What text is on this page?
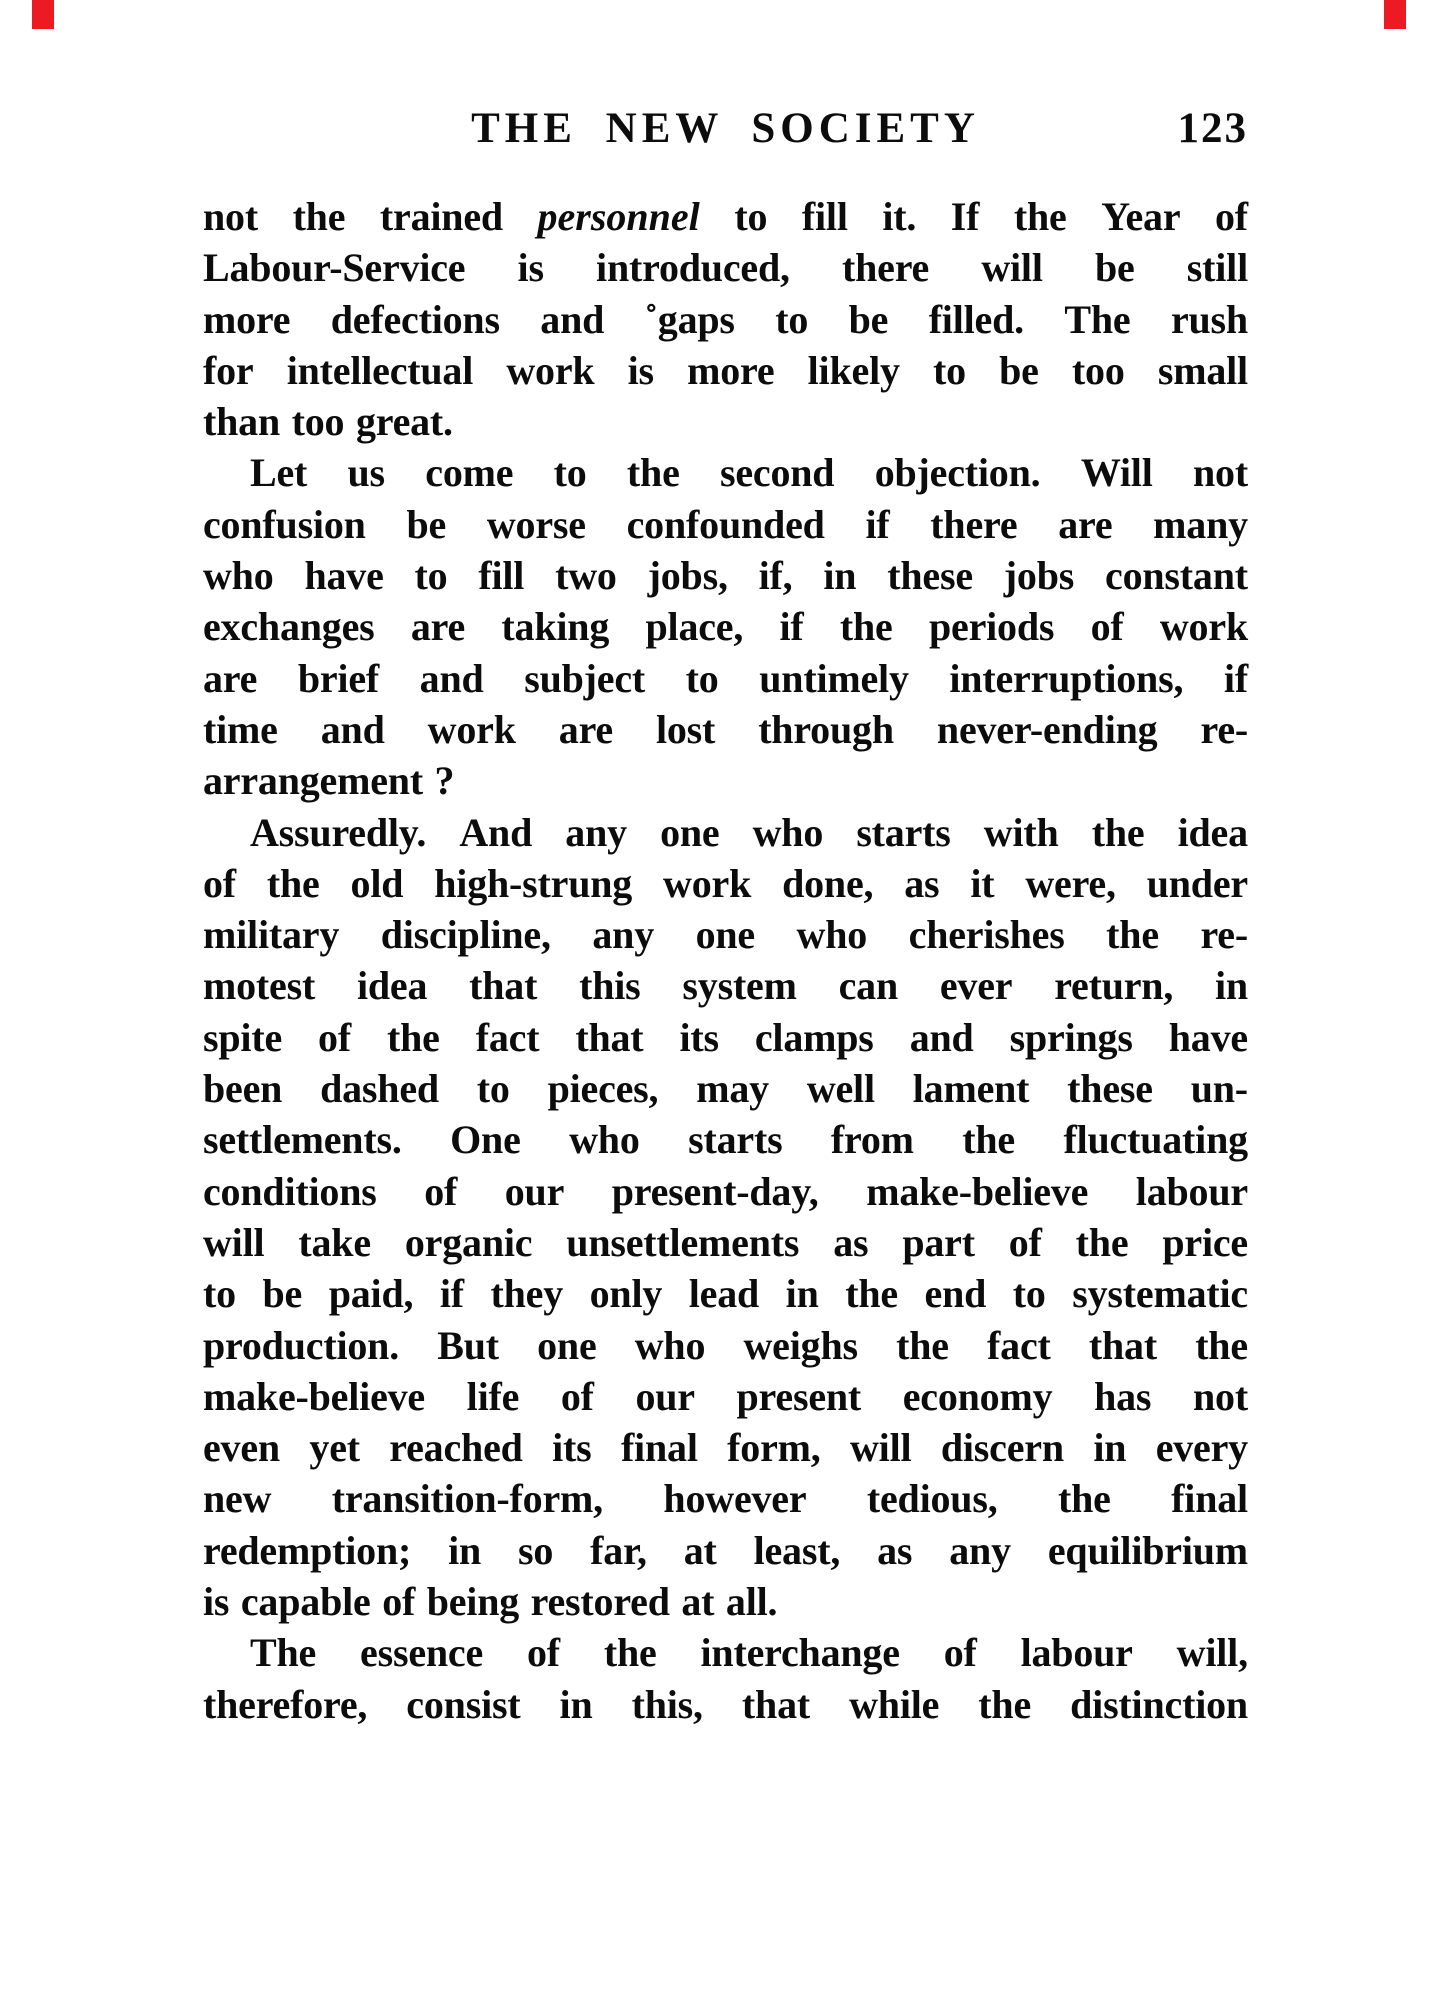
THE NEW SOCIETY	123
not the trained personnel to fill it. If the Year of
Labour-Service is introduced, there will be still
more defections and ˚gaps to be filled. The rush
for intellectual work is more likely to be too small
than too great.
Let us come to the second objection. Will not
confusion be worse confounded if there are many
who have to fill two jobs, if, in these jobs constant
exchanges are taking place, if the periods of work
are brief and subject to untimely interruptions, if
time and work are lost through never-ending re-
arrangement ?
Assuredly. And any one who starts with the idea
of the old high-strung work done, as it were, under
military discipline, any one who cherishes the re-
motest idea that this system can ever return, in
spite of the fact that its clamps and springs have
been dashed to pieces, may well lament these un-
settlements. One who starts from the fluctuating
conditions of our present-day, make-believe labour
will take organic unsettlements as part of the price
to be paid, if they only lead in the end to systematic
production. But one who weighs the fact that the
make-believe life of our present economy has not
even yet reached its final form, will discern in every
new transition-form, however tedious, the final
redemption; in so far, at least, as any equilibrium
is capable of being restored at all.
The essence of the interchange of labour will,
therefore, consist in this, that while the distinction
